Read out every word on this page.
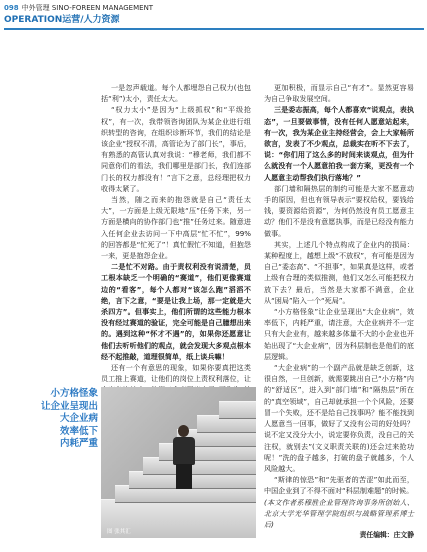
098 中外管理 SINO-FOREEN MANAGEMENT
OPERATION运营/人力资源

一是忽声载道。每个人都埋怨自己权力(也包括“利”)太小，责任太大。

“权力太小”是因为“上级抓权”和“平级抢权”，有一次，我带领咨询团队为某企业进行组织转型的咨询，在组织诊断环节，我们的结论是该企业“授权不清，高管论为了部门长”，事后，有熟悉的高管认真对我说：“穆老师，我们都不同意你们的看法，我们哪里是部门长，我们连部门长的权力都没有！”言下之意，总经理把权力收得太紧了。

当然，随之而来的抱怨就是自己“责任太大”，一方面是上级无限地“压”任务下来，另一方面是横向的协作部门也“推”任务过来。随意进入任何企业去访问一下中高层“忙不忙”，99%的回答都是“忙死了”！真忙假忙不知道，但抱怨一来，更是抱怨企业。

二是忙不对路。由于责权利没有说清楚，员工根本缺乏一个明确的“赛道”，他们更像赛道边的“看客”，每个人都对“该怎么跑”滔滔不绝，言下之意，“要是让我上场，那一定就是大杀四方”。但事实上，他们所谓的这些能力根本没有经过赛道的验证，完全可能是自己臆想出来的。遇到这种“怀才不遇”的，如果你还愿意让他们去听听他们的观点，就会发现大多观点根本经不起推敲，道理很简单，纸上谈兵嘛！

还有一个有意思的现象，如果你要真把这类员工推上赛道，让他们的岗位上责权利落位，让

更加积极，而显示自己“有才”。显然更容易为自己争取发展空间。

三是委志振高，每个人都喜欢“说观点，表执态”，一旦要做事情，没有任何人愿意站起来，有一次，我为某企业主持经营会，会上大家畅所欲言，发表了不少观点，总裁实在听不下去了，说：“你们用了这么多的时间来谈观点，但为什么就没有一个人愿意拍我一套方案，更没有一个人愿意主动帮我们执行落地？”

部门墙和隔热层的制约可能是大家不愿意动手的原因，但也有领导表示“要权给权，要钱给钱，要资源给资源”，为何仍然没有员工愿意主动？他们不是没有意愿执事，而是已经没有能力做事。

其实，上述几个特点构成了企业内的损局：某种程度上，越想上级“不放权”，有可能是因为自己“委态高”、“不担事”，如果真是这样，或者上级有合理的类似推测，他们又怎么可能把权力放下去？最后，当然是大家都不满意，企业从“困局”陷入一个“死局”。

“小方格怪象”让企业呈现出“大企业病”，效率低下，内耗严重，请注意，大企业病并不一定只有大企业有，越来越多体量不大的小企业也开始出现了“大企业病”，因为科层制也是他们的底层逻辑。

“大企业病”的一个副产品就是缺乏创新，这很自然，一旦创新，就需要跳出自己“小方格”内的“舒适区”，进入到“部门墙”和“隔热层”所在的“真空领域”，自己却就承担一个个风险，还要冒一个失败，还不是给自己找事吗？能不能找到人愿意当一回事，做好了又没有公司的好处吗？说不定又没分大小，说定要你负责，没自己的关注权，就别去”(文义职责关联的)还会过来抢功呢！”洗的盘子越多，打破的盘子就越多，个人风险越大。

“斯律的惊恐”和“先驱者的苦涩”如此而至，中国企业到了不得不面对“科层制难题”的时候。

(本文作者系穆胜企业管理咨询事务所创始人、北京大学光华管理学院组织与战略管理系博士后)

责任编辑：庄文静

小方格怪象
让企业呈现出
大企业病
效率低下
内耗严重
图 张其汇
